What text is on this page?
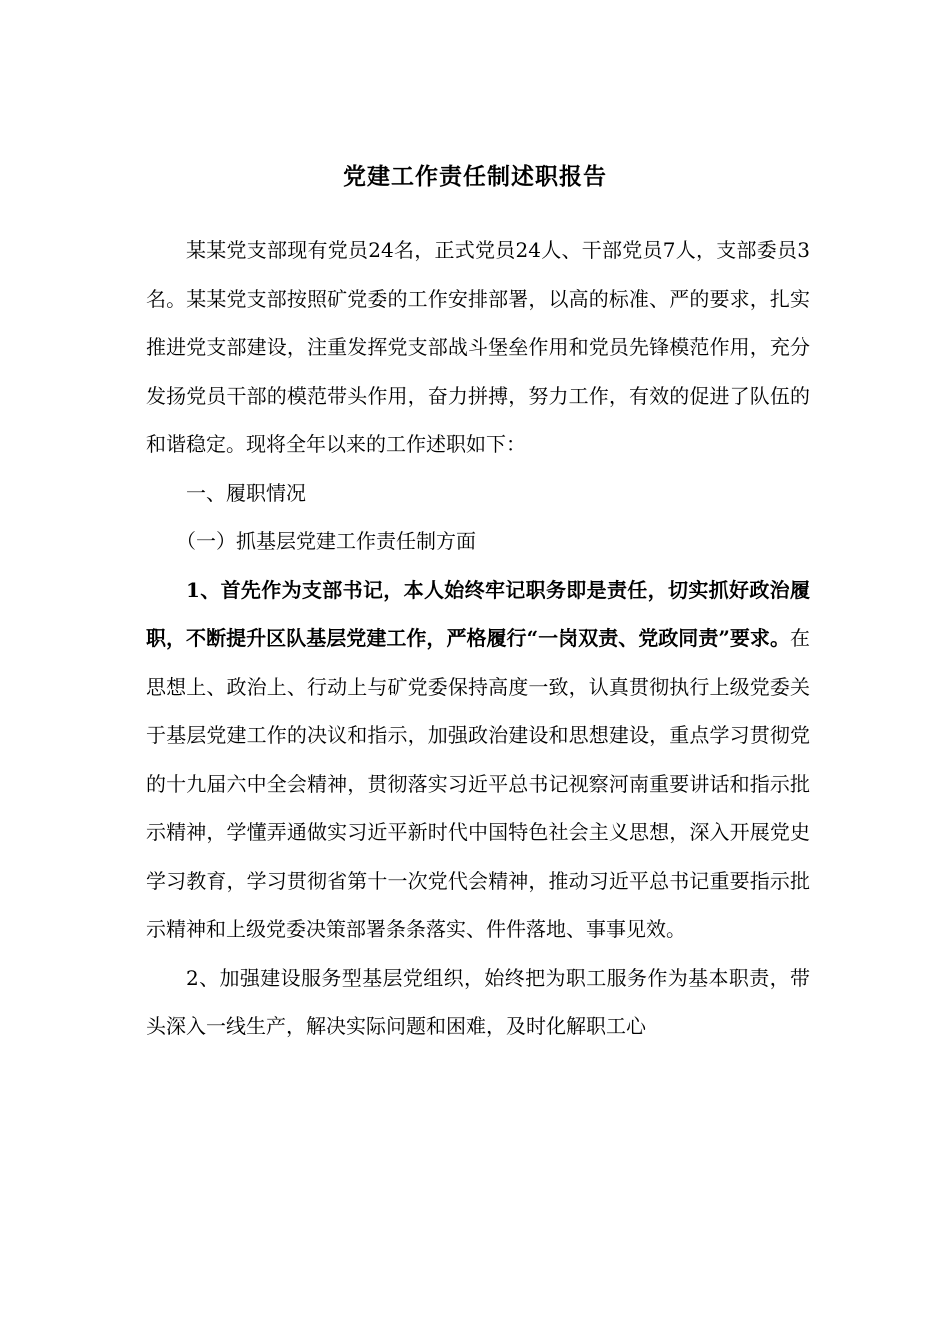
党建工作责任制述职报告

某某党支部现有党员24名，正式党员24人、干部党员7人，支部委员3名。某某党支部按照矿党委的工作安排部署，以高的标准、严的要求，扎实推进党支部建设，注重发挥党支部战斗堡垒作用和党员先锋模范作用，充分发扬党员干部的模范带头作用，奋力拼搏，努力工作，有效的促进了队伍的和谐稳定。现将全年以来的工作述职如下：

一、履职情况

（一）抓基层党建工作责任制方面

1、首先作为支部书记，本人始终牢记职务即是责任，切实抓好政治履职，不断提升区队基层党建工作，严格履行“一岗双责、党政同责”要求。在思想上、政治上、行动上与矿党委保持高度一致，认真贯彻执行上级党委关于基层党建工作的决议和指示，加强政治建设和思想建设，重点学习贯彻党的十九届六中全会精神，贯彻落实习近平总书记视察河南重要讲话和指示批示精神，学懂弄通做实习近平新时代中国特色社会主义思想，深入开展党史学习教育，学习贯彻省第十一次党代会精神，推动习近平总书记重要指示批示精神和上级党委决策部署条条落实、件件落地、事事见效。

2、加强建设服务型基层党组织，始终把为职工服务作为基本职责，带头深入一线生产，解决实际问题和困难，及时化解职工心
